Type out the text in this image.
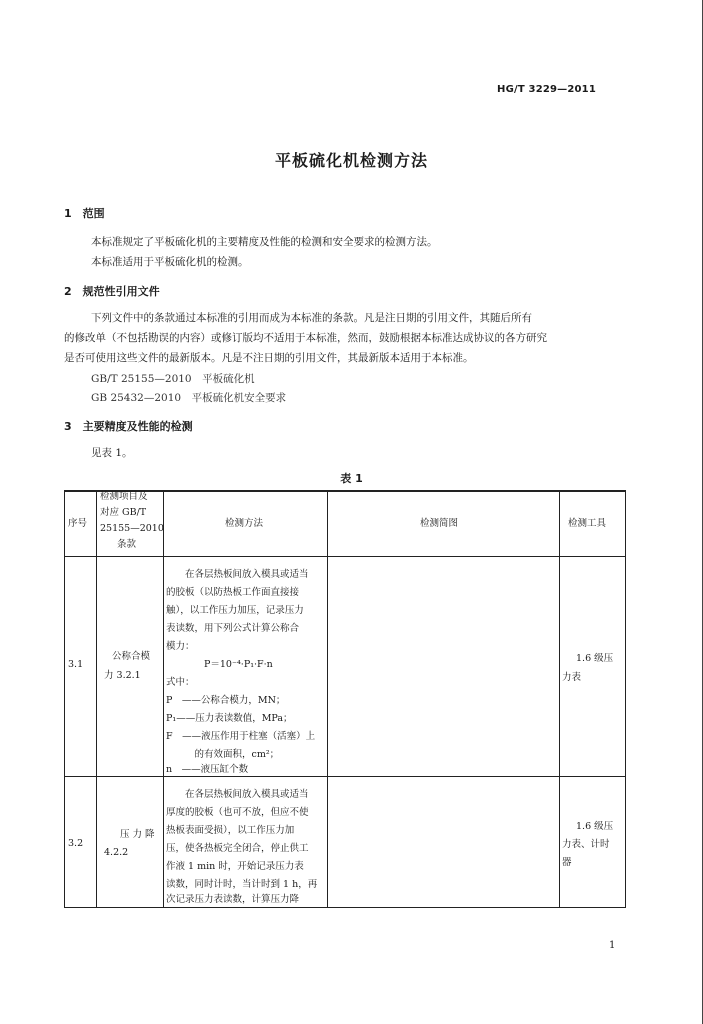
HG/T 3229—2011
平板硫化机检测方法
1　范围
本标准规定了平板硫化机的主要精度及性能的检测和安全要求的检测方法。
本标准适用于平板硫化机的检测。
2　规范性引用文件
下列文件中的条款通过本标准的引用而成为本标准的条款。凡是注日期的引用文件，其随后所有
的修改单（不包括勘误的内容）或修订版均不适用于本标准，然而，鼓励根据本标准达成协议的各方研究
是否可使用这些文件的最新版本。凡是不注日期的引用文件，其最新版本适用于本标准。
GB/T 25155—2010　平板硫化机
GB 25432—2010　平板硫化机安全要求
3　主要精度及性能的检测
见表 1。
表 1
序号
检测项目及
对应 GB/T
25155—2010
条款
检测方法	检测简图	检测工具
3.1
公称合模
力 3.2.1
　　在各层热板间放入模具或适当
的胶板（以防热板工作面直接接
触），以工作压力加压，记录压力
表读数，用下列公式计算公称合
模力：
　　　　P＝10⁻⁴·P₁·F·n
式中：
P　——公称合模力，MN；
P₁——压力表读数值，MPa；
F　——液压作用于柱塞（活塞）上
　　　的有效面积，cm²；
n　——液压缸个数
1.6 级压
力表
3.2
压 力 降
4.2.2
　　在各层热板间放入模具或适当
厚度的胶板（也可不放，但应不使
热板表面受损），以工作压力加
压，使各热板完全闭合，停止供工
作液 1 min 时，开始记录压力表
读数，同时计时，当计时到 1 h，再
次记录压力表读数，计算压力降
1.6 级压
力表、计时
器
1
